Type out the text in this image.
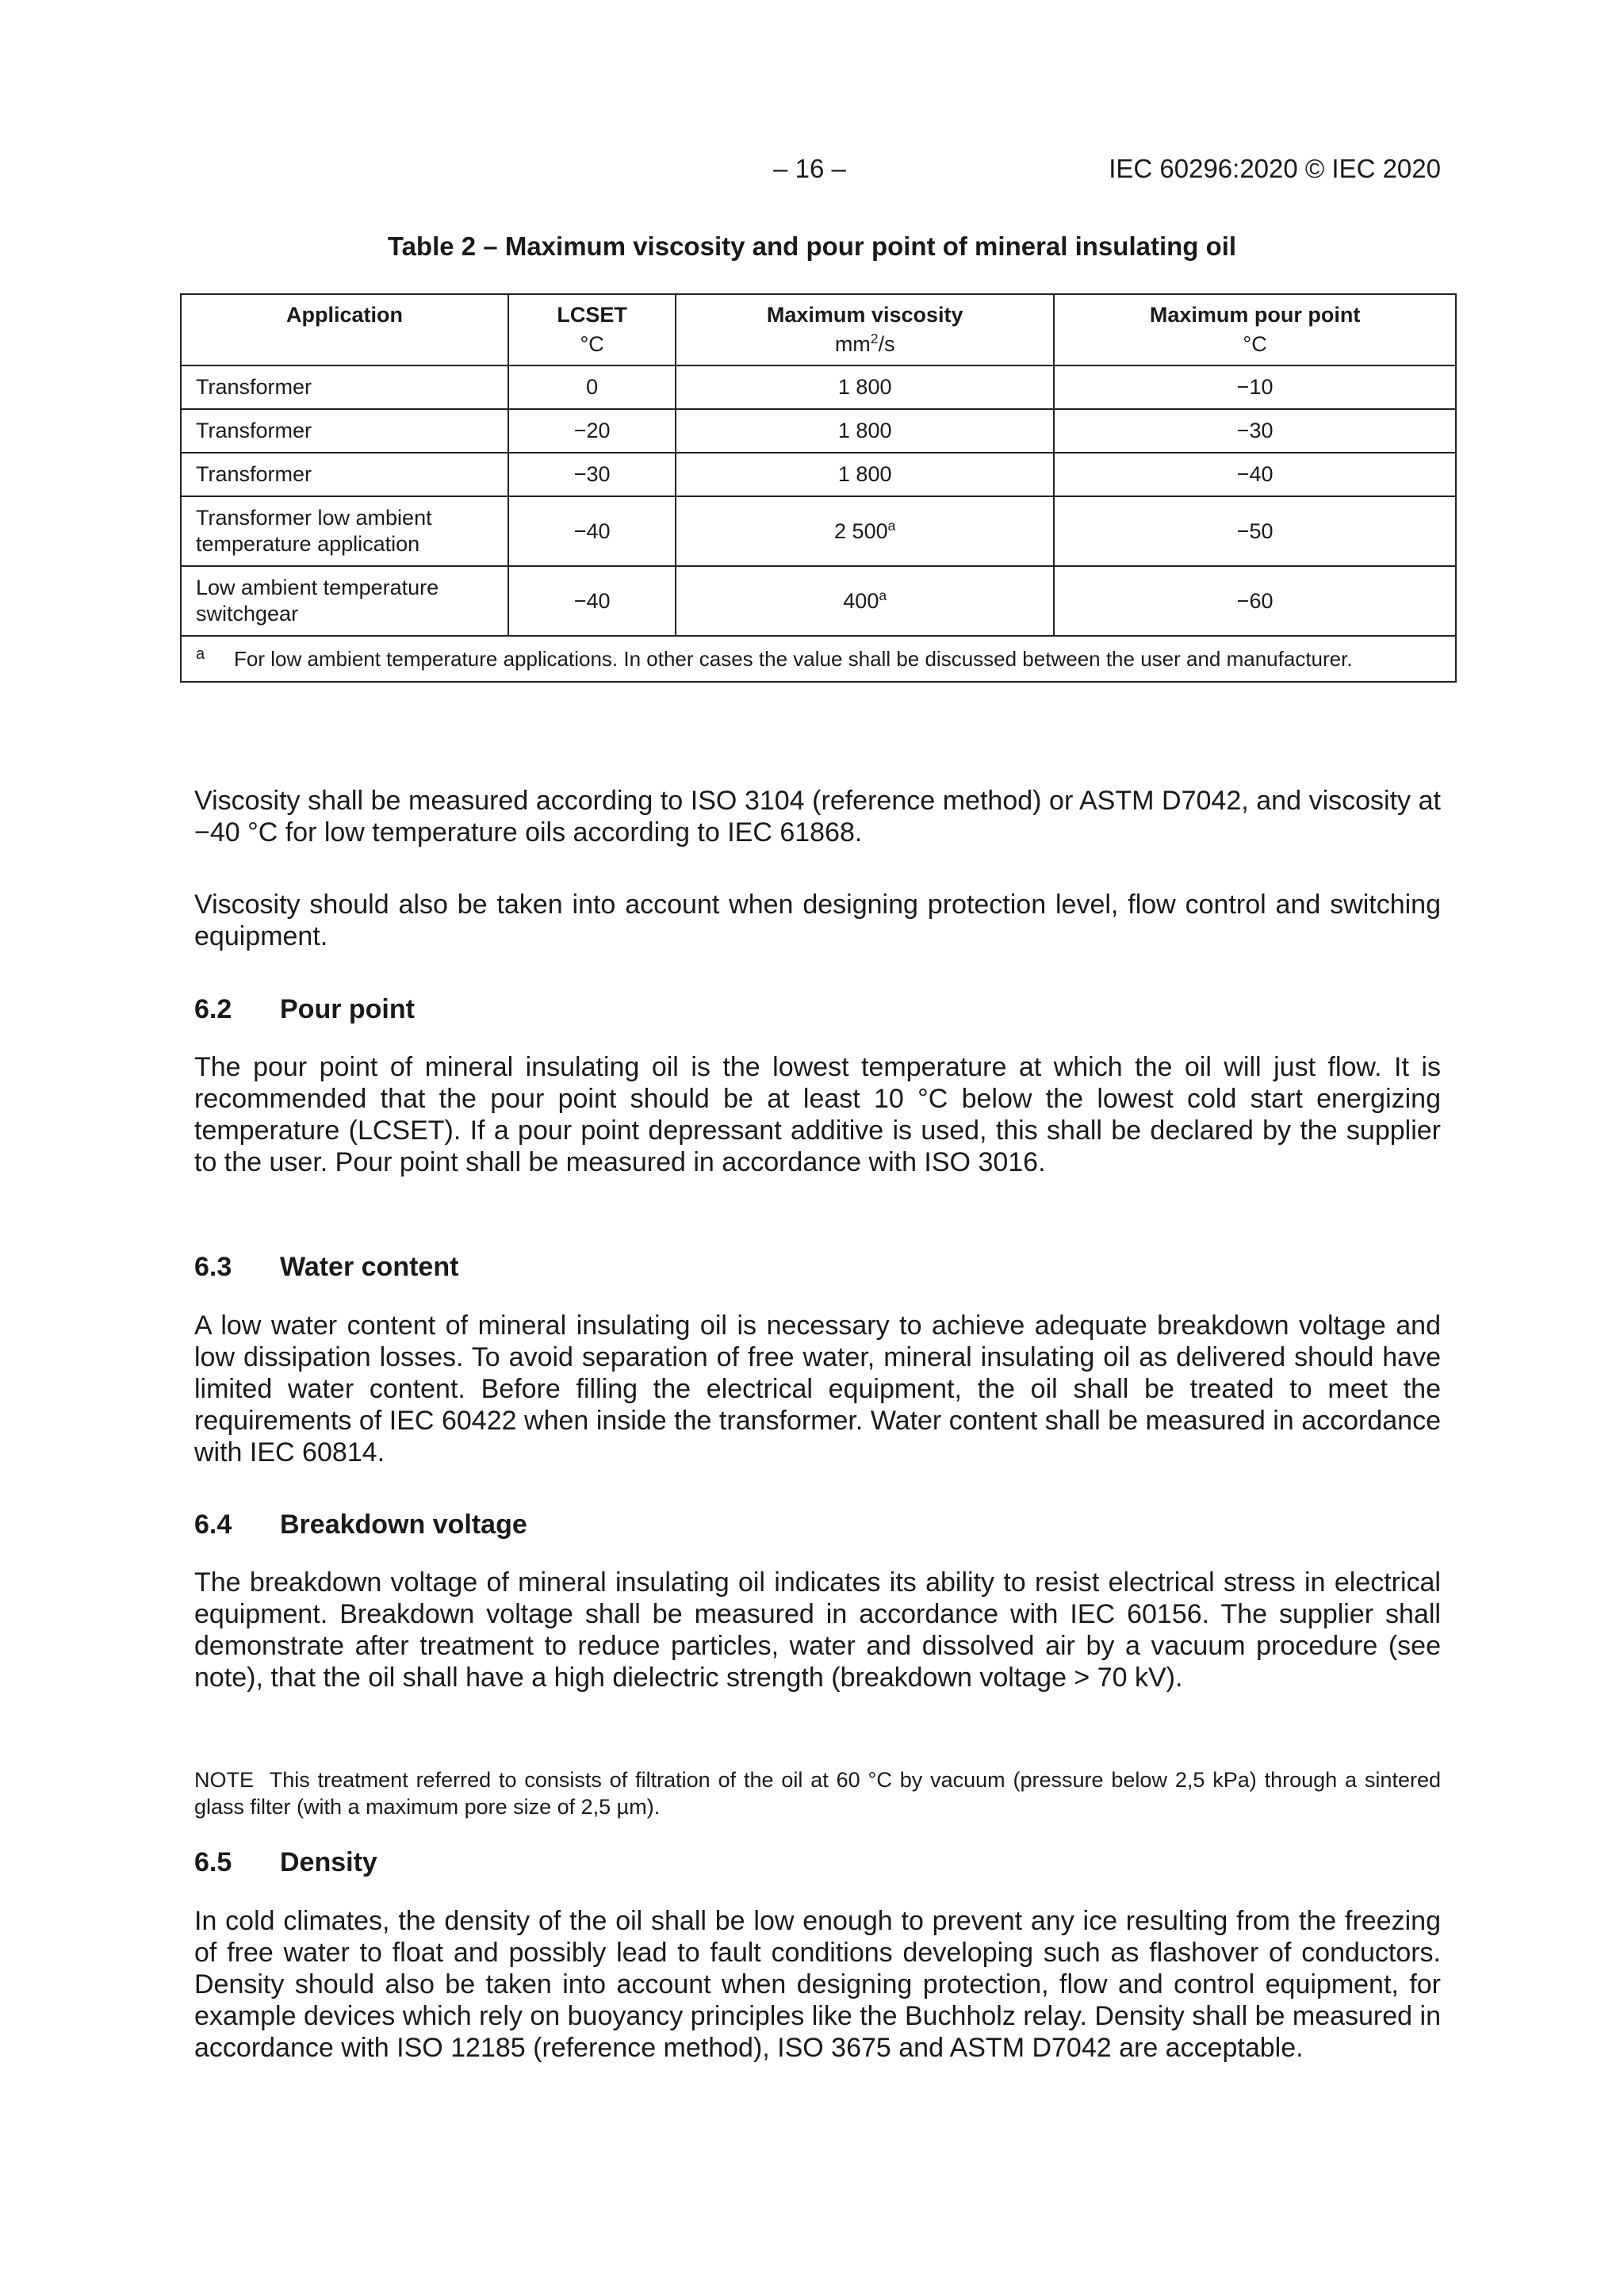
– 16 –	IEC 60296:2020 © IEC 2020
Table 2 – Maximum viscosity and pour point of mineral insulating oil
Application	LCSET	Maximum viscosity	Maximum pour point
	°C	$mm^2/s$	°C
Transformer	0	1 800	−10
Transformer	−20	1 800	−30
Transformer	−30	1 800	−40
Transformer low ambient temperature application	−40	2 $500^a$	−50
Low ambient temperature switchgear	−40	$400^a$	−60
a For low ambient temperature applications. In other cases the value shall be discussed between the user and manufacturer.			
Viscosity shall be measured according to ISO 3104 (reference method) or ASTM D7042, and viscosity at −40 °C for low temperature oils according to IEC 61868.
Viscosity should also be taken into account when designing protection level, flow control and switching equipment.
6.2 Pour point
The pour point of mineral insulating oil is the lowest temperature at which the oil will just flow. It is recommended that the pour point should be at least 10 °C below the lowest cold start energizing temperature (LCSET). If a pour point depressant additive is used, this shall be declared by the supplier to the user. Pour point shall be measured in accordance with ISO 3016.
6.3 Water content
A low water content of mineral insulating oil is necessary to achieve adequate breakdown voltage and low dissipation losses. To avoid separation of free water, mineral insulating oil as delivered should have limited water content. Before filling the electrical equipment, the oil shall be treated to meet the requirements of IEC 60422 when inside the transformer. Water content shall be measured in accordance with IEC 60814.
6.4 Breakdown voltage
The breakdown voltage of mineral insulating oil indicates its ability to resist electrical stress in electrical equipment. Breakdown voltage shall be measured in accordance with IEC 60156. The supplier shall demonstrate after treatment to reduce particles, water and dissolved air by a vacuum procedure (see note), that the oil shall have a high dielectric strength (breakdown voltage > 70 kV).
NOTE This treatment referred to consists of filtration of the oil at 60 °C by vacuum (pressure below 2,5 kPa) through a sintered glass filter (with a maximum pore size of 2,5 µm).
6.5 Density
In cold climates, the density of the oil shall be low enough to prevent any ice resulting from the freezing of free water to float and possibly lead to fault conditions developing such as flashover of conductors. Density should also be taken into account when designing protection, flow and control equipment, for example devices which rely on buoyancy principles like the Buchholz relay. Density shall be measured in accordance with ISO 12185 (reference method), ISO 3675 and ASTM D7042 are acceptable.
